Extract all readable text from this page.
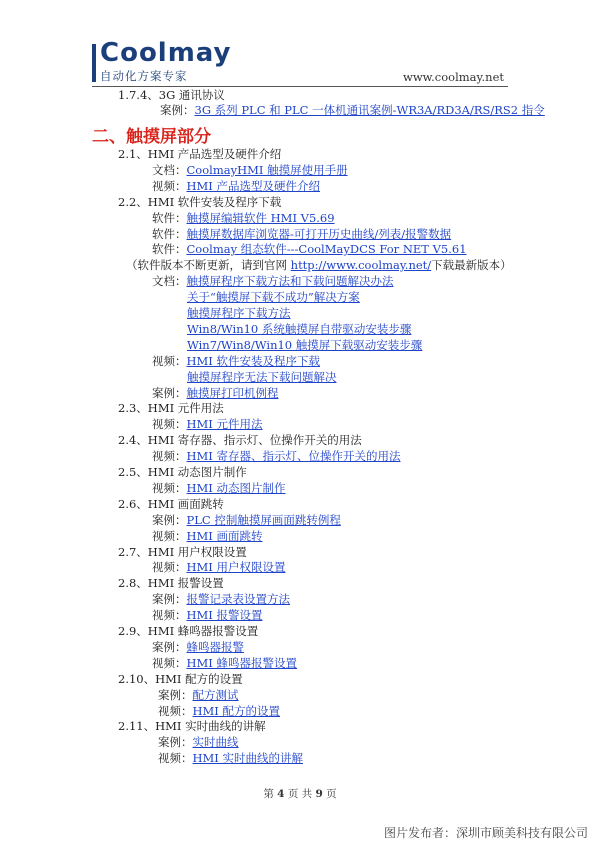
Coolmay
自动化方案专家	www.coolmay.net
1.7.4、3G 通讯协议
案例：3G 系列 PLC 和 PLC 一体机通讯案例-WR3A/RD3A/RS/RS2 指令
二、触摸屏部分
2.1、HMI 产品选型及硬件介绍
文档：CoolmayHMI 触摸屏使用手册
视频：HMI 产品选型及硬件介绍
2.2、HMI 软件安装及程序下载
软件：触摸屏编辑软件 HMI V5.69
软件：触摸屏数据库浏览器-可打开历史曲线/列表/报警数据
软件：Coolmay 组态软件---CoolMayDCS For NET V5.61
（软件版本不断更新，请到官网 http://www.coolmay.net/下载最新版本）
文档：触摸屏程序下载方法和下载问题解决办法
关于“触摸屏下载不成功”解决方案
触摸屏程序下载方法
Win8/Win10 系统触摸屏自带驱动安装步骤
Win7/Win8/Win10 触摸屏下载驱动安装步骤
视频：HMI 软件安装及程序下载
触摸屏程序无法下载问题解决
案例：触摸屏打印机例程
2.3、HMI 元件用法
视频：HMI 元件用法
2.4、HMI 寄存器、指示灯、位操作开关的用法
视频：HMI 寄存器、指示灯、位操作开关的用法
2.5、HMI 动态图片制作
视频：HMI 动态图片制作
2.6、HMI 画面跳转
案例：PLC 控制触摸屏画面跳转例程
视频：HMI 画面跳转
2.7、HMI 用户权限设置
视频：HMI 用户权限设置
2.8、HMI 报警设置
案例：报警记录表设置方法
视频：HMI 报警设置
2.9、HMI 蜂鸣器报警设置
案例：蜂鸣器报警
视频：HMI 蜂鸣器报警设置
2.10、HMI 配方的设置
案例：配方测试
视频：HMI 配方的设置
2.11、HMI 实时曲线的讲解
案例：实时曲线
视频：HMI 实时曲线的讲解
第 4 页 共 9 页
图片发布者：深圳市顾美科技有限公司
